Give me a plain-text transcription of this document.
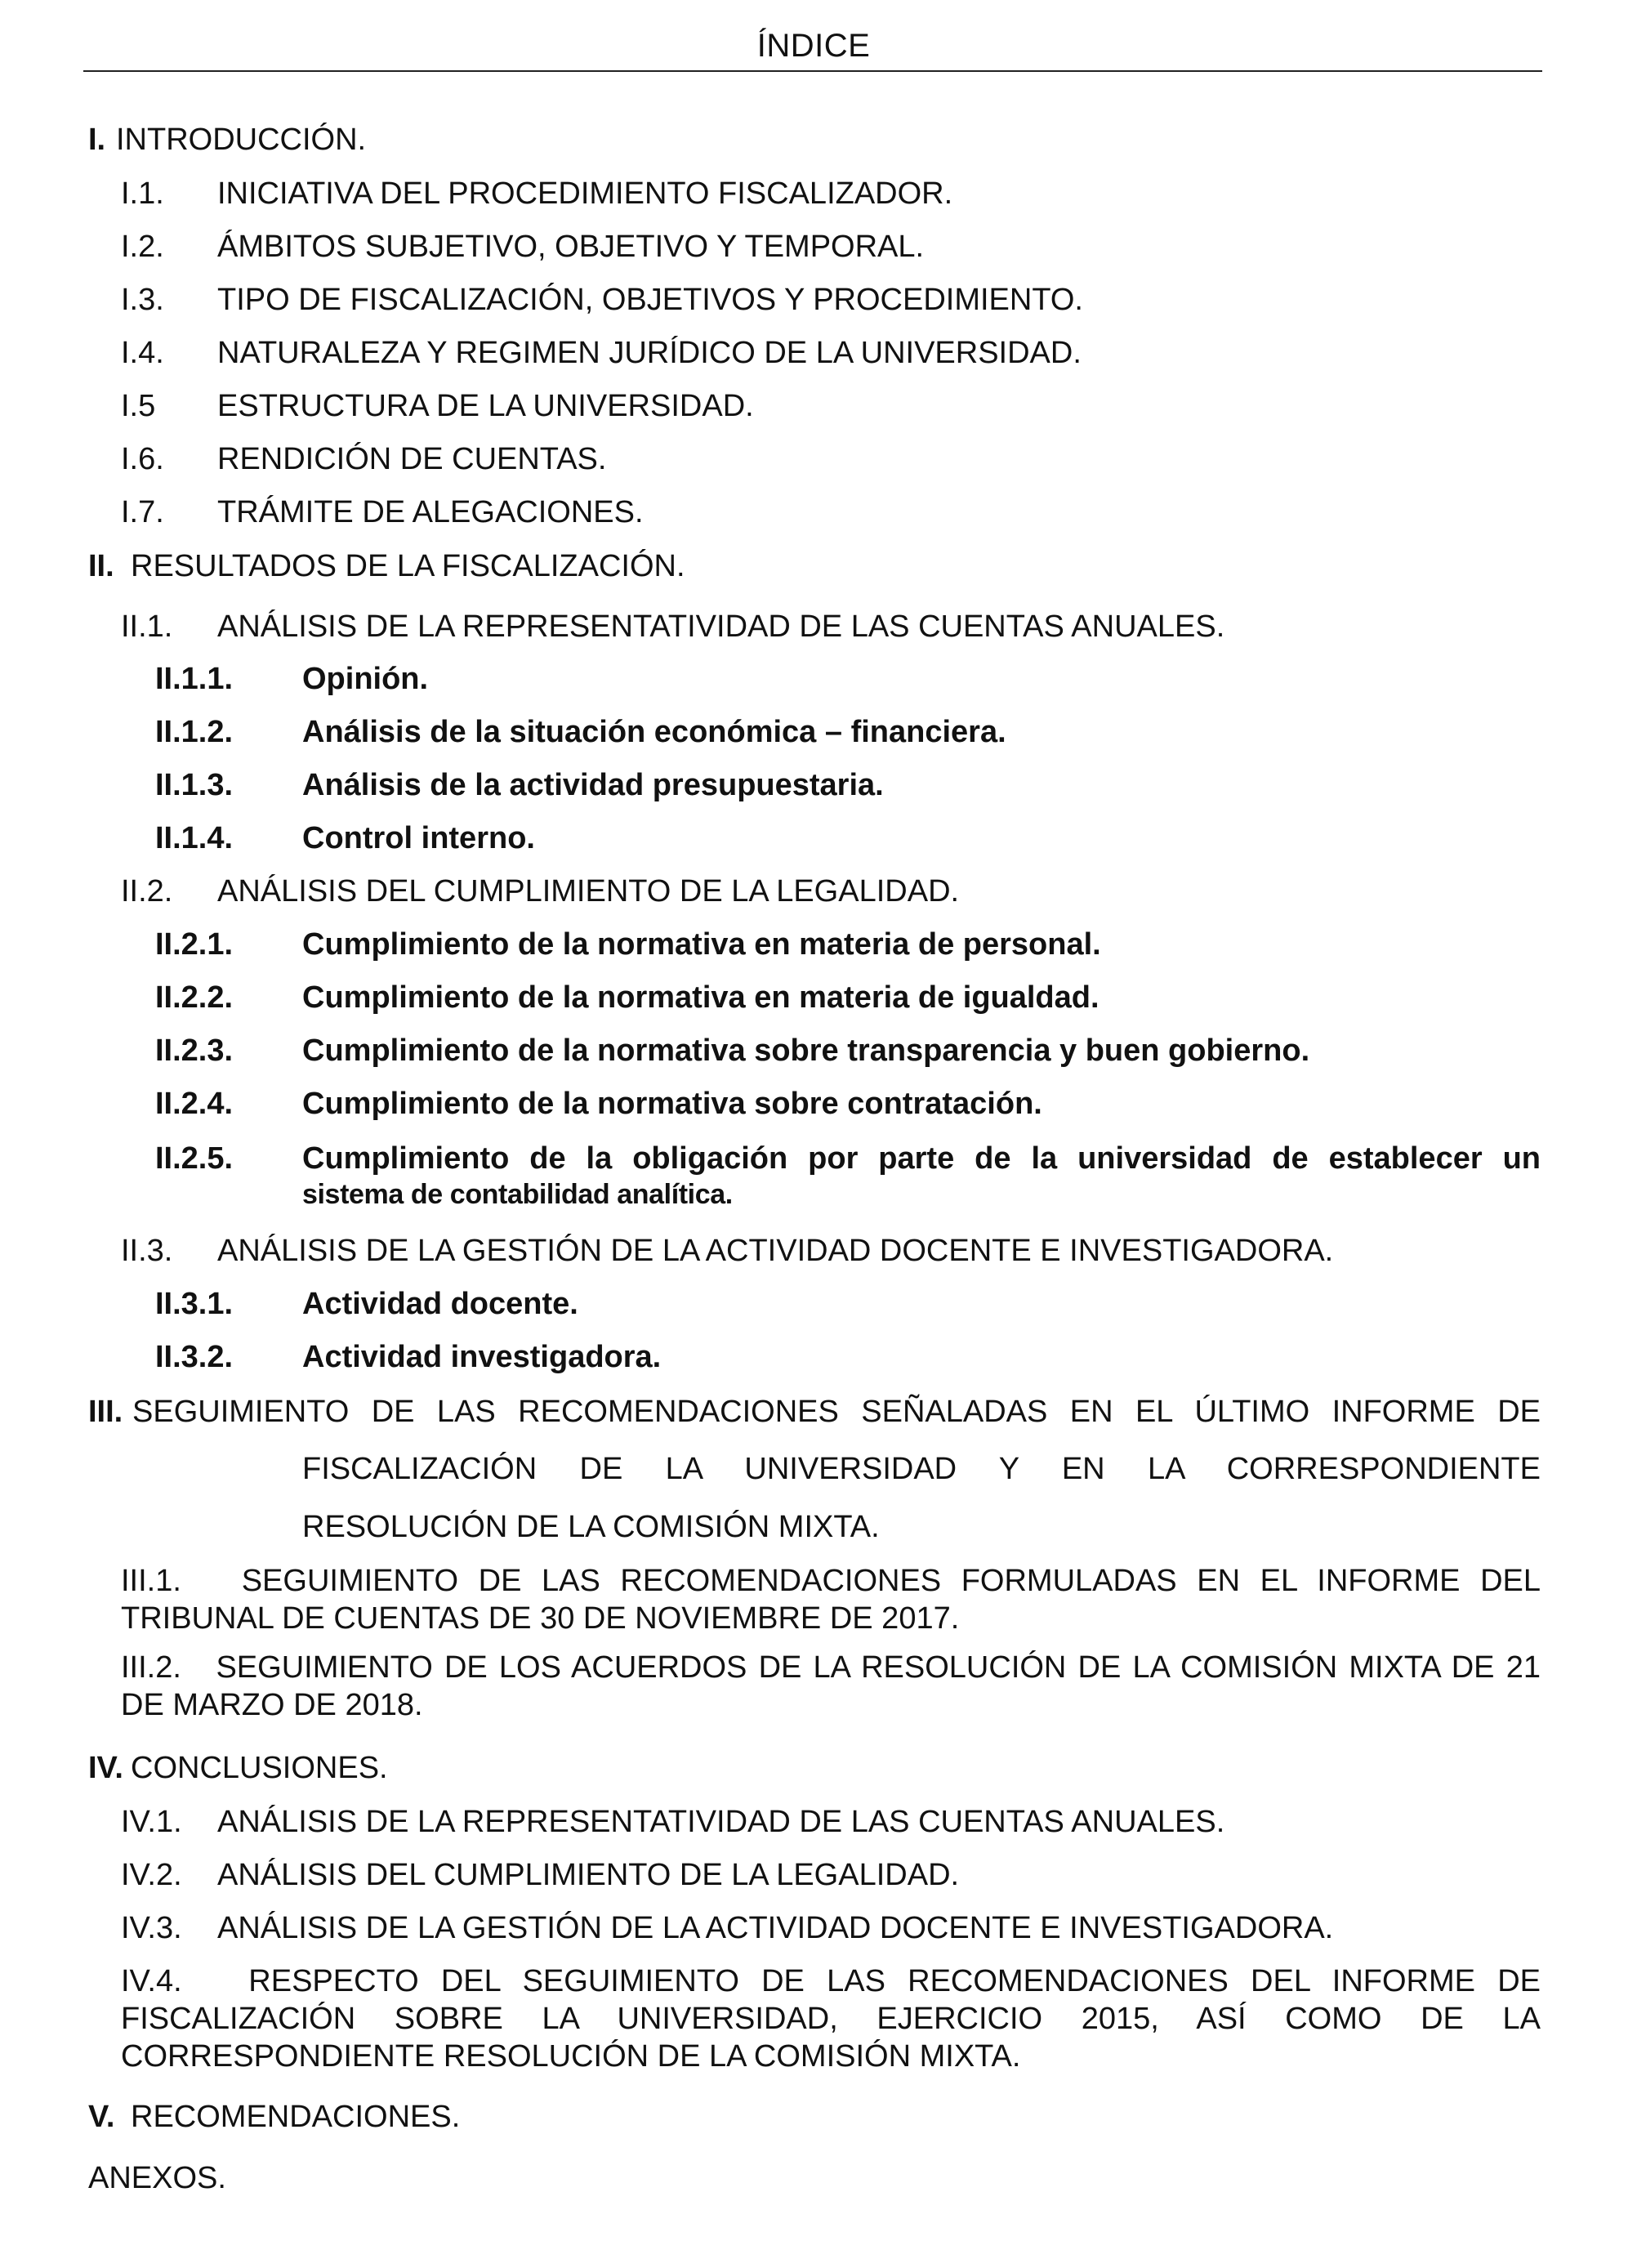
ÍNDICE
I. INTRODUCCIÓN.
I.1. INICIATIVA DEL PROCEDIMIENTO FISCALIZADOR.
I.2. ÁMBITOS SUBJETIVO, OBJETIVO Y TEMPORAL.
I.3. TIPO DE FISCALIZACIÓN, OBJETIVOS Y PROCEDIMIENTO.
I.4. NATURALEZA Y REGIMEN JURÍDICO DE LA UNIVERSIDAD.
I.5 ESTRUCTURA DE LA UNIVERSIDAD.
I.6. RENDICIÓN DE CUENTAS.
I.7. TRÁMITE DE ALEGACIONES.
II. RESULTADOS DE LA FISCALIZACIÓN.
II.1. ANÁLISIS DE LA REPRESENTATIVIDAD DE LAS CUENTAS ANUALES.
II.1.1. Opinión.
II.1.2. Análisis de la situación económica – financiera.
II.1.3. Análisis de la actividad presupuestaria.
II.1.4. Control interno.
II.2. ANÁLISIS DEL CUMPLIMIENTO DE LA LEGALIDAD.
II.2.1. Cumplimiento de la normativa en materia de personal.
II.2.2. Cumplimiento de la normativa en materia de igualdad.
II.2.3. Cumplimiento de la normativa sobre transparencia y buen gobierno.
II.2.4. Cumplimiento de la normativa sobre contratación.
II.2.5. Cumplimiento de la obligación por parte de la universidad de establecer un
sistema de contabilidad analítica.
II.3. ANÁLISIS DE LA GESTIÓN DE LA ACTIVIDAD DOCENTE E INVESTIGADORA.
II.3.1. Actividad docente.
II.3.2. Actividad investigadora.
III. SEGUIMIENTO DE LAS RECOMENDACIONES SEÑALADAS EN EL ÚLTIMO INFORME DE
FISCALIZACIÓN DE LA UNIVERSIDAD Y EN LA CORRESPONDIENTE
RESOLUCIÓN DE LA COMISIÓN MIXTA.
III.1. SEGUIMIENTO DE LAS RECOMENDACIONES FORMULADAS EN EL INFORME DEL TRIBUNAL DE CUENTAS DE 30 DE NOVIEMBRE DE 2017.
III.2. SEGUIMIENTO DE LOS ACUERDOS DE LA RESOLUCIÓN DE LA COMISIÓN MIXTA DE 21 DE MARZO DE 2018.
IV. CONCLUSIONES.
IV.1. ANÁLISIS DE LA REPRESENTATIVIDAD DE LAS CUENTAS ANUALES.
IV.2. ANÁLISIS DEL CUMPLIMIENTO DE LA LEGALIDAD.
IV.3. ANÁLISIS DE LA GESTIÓN DE LA ACTIVIDAD DOCENTE E INVESTIGADORA.
IV.4. RESPECTO DEL SEGUIMIENTO DE LAS RECOMENDACIONES DEL INFORME DE FISCALIZACIÓN SOBRE LA UNIVERSIDAD, EJERCICIO 2015, ASÍ COMO DE LA CORRESPONDIENTE RESOLUCIÓN DE LA COMISIÓN MIXTA.
V. RECOMENDACIONES.
ANEXOS.
